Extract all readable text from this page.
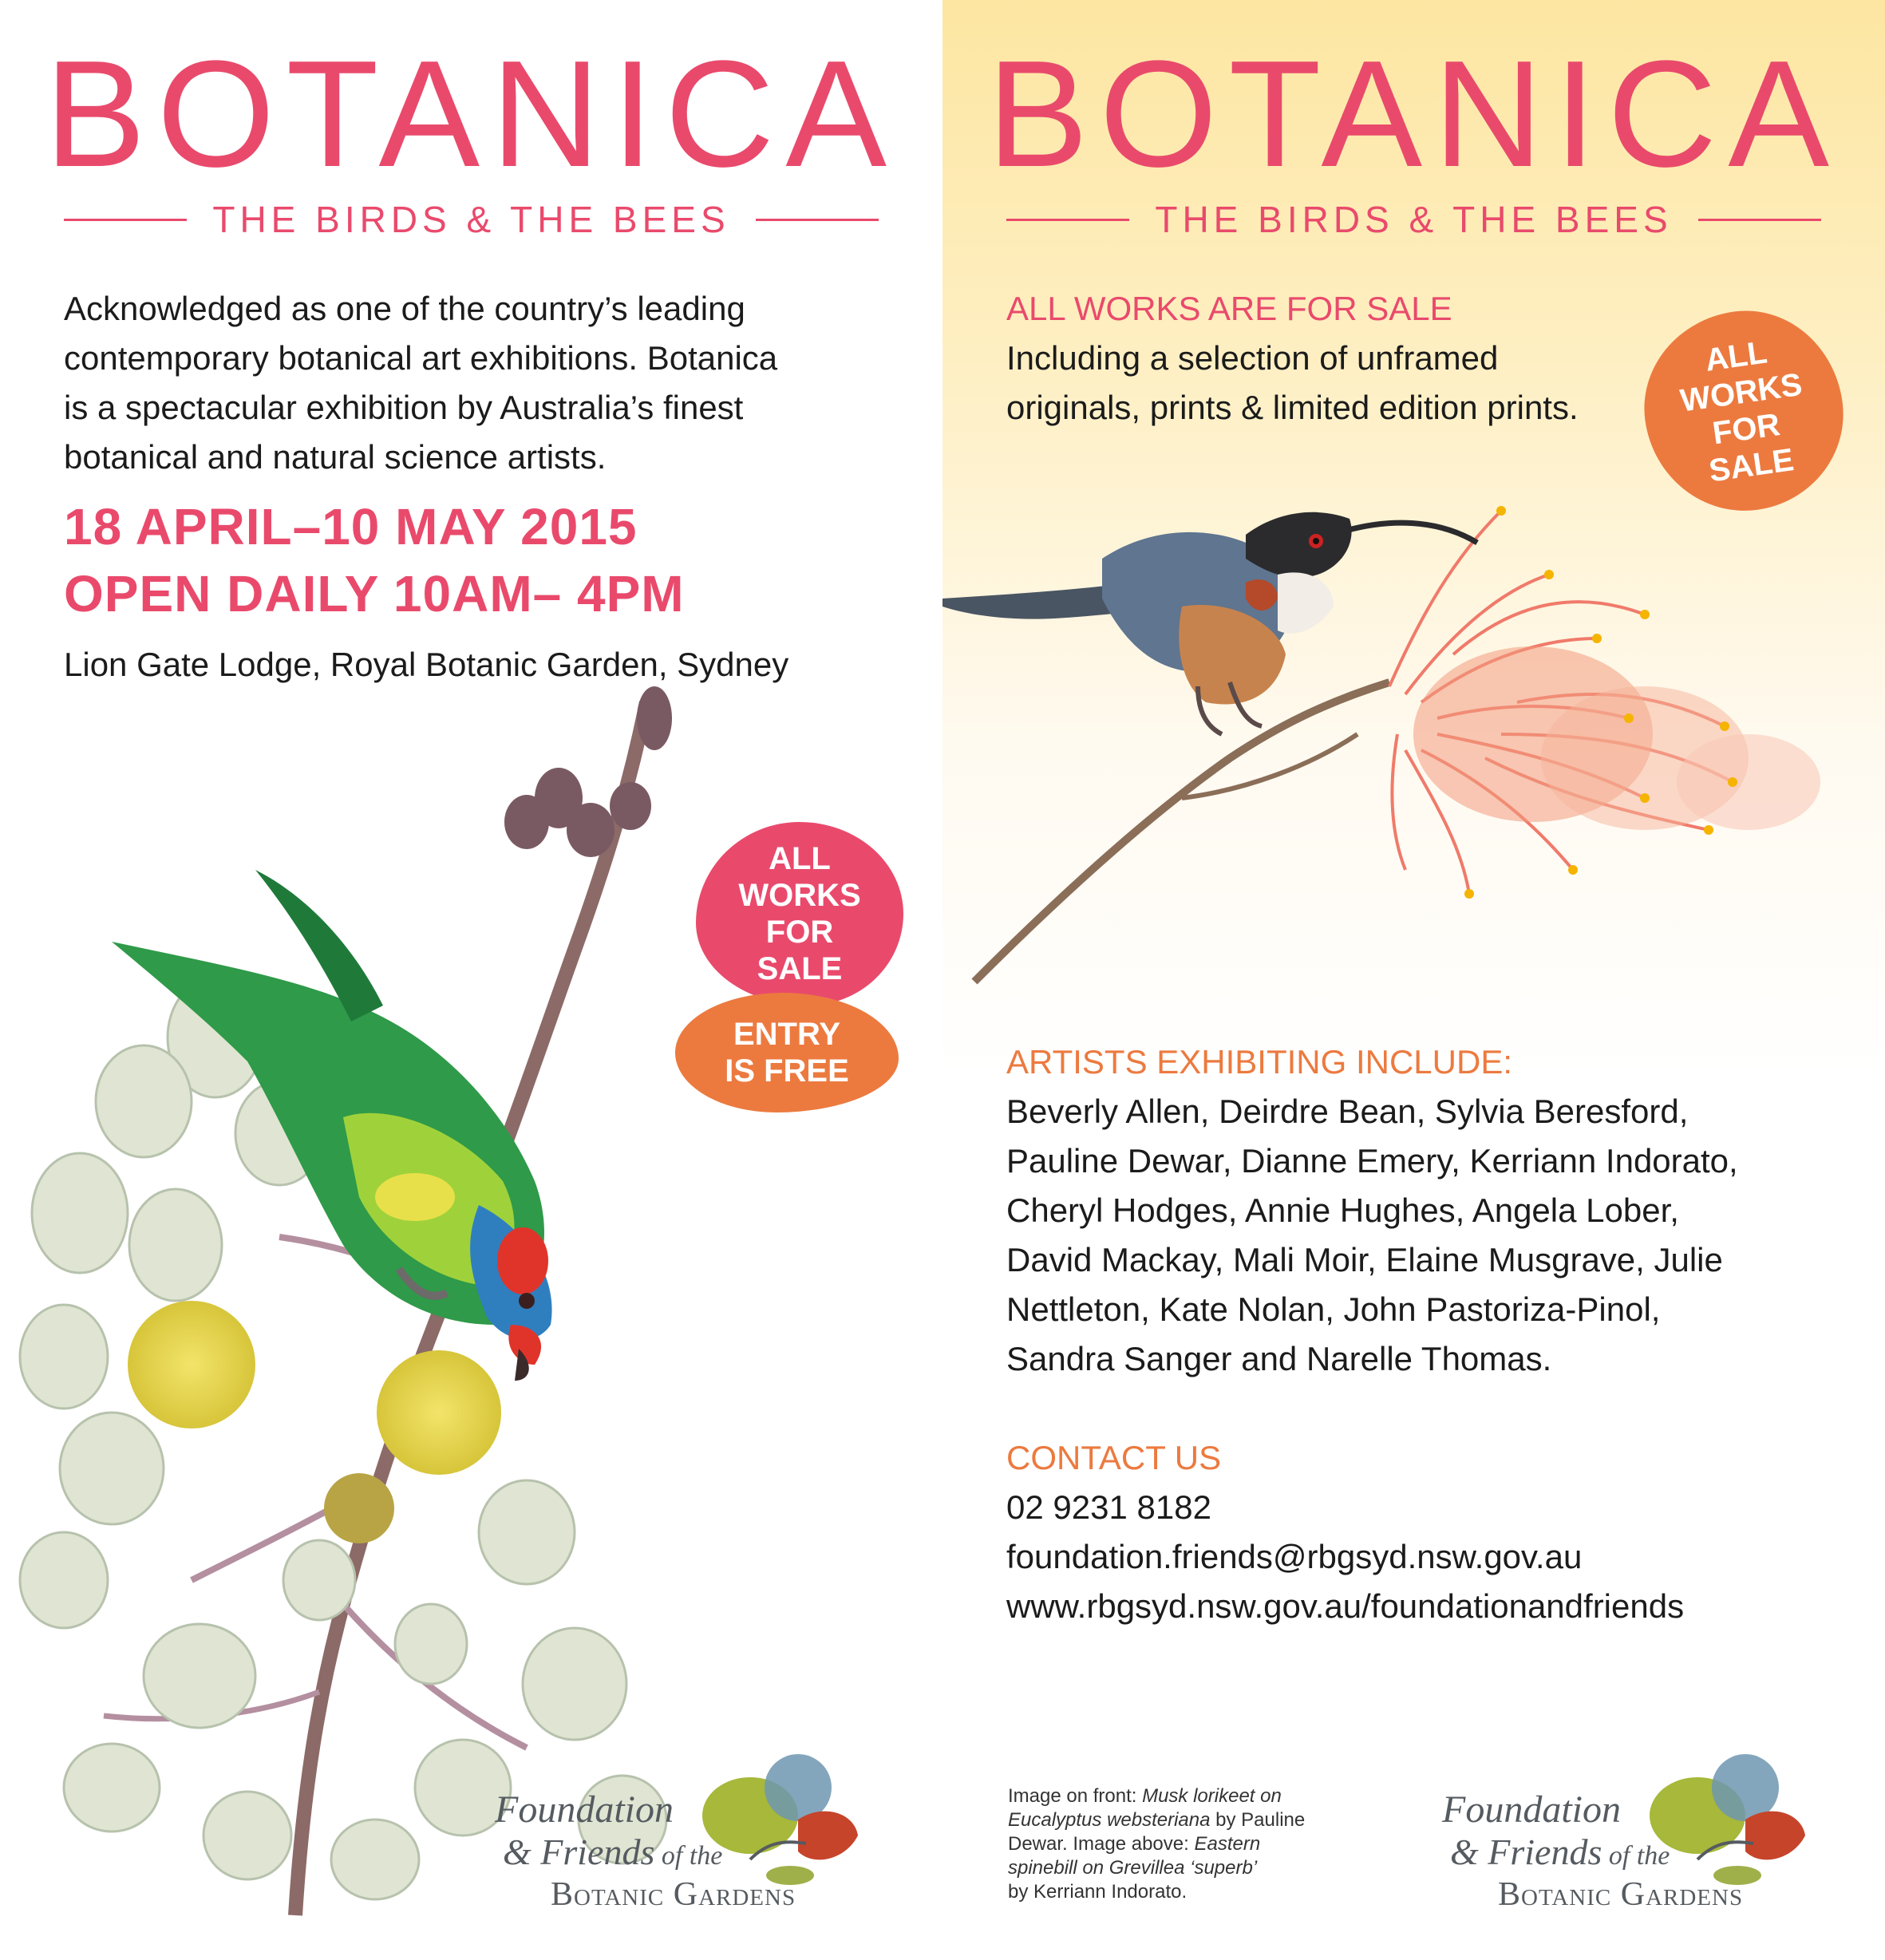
BOTANICA
THE BIRDS & THE BEES
Acknowledged as one of the country’s leading
contemporary botanical art exhibitions. Botanica
is a spectacular exhibition by Australia’s finest
botanical and natural science artists.
18 APRIL–10 MAY 2015
OPEN DAILY 10AM– 4PM
Lion Gate Lodge, Royal Botanic Garden, Sydney
ALL
WORKS
FOR
SALE
ENTRY
IS FREE
Foundation
& Friends of the
Botanic Gardens
BOTANICA
THE BIRDS & THE BEES
ALL WORKS ARE FOR SALE
Including a selection of unframed
originals, prints & limited edition prints.
ALL
WORKS
FOR
SALE
ARTISTS EXHIBITING INCLUDE:
Beverly Allen, Deirdre Bean, Sylvia Beresford,
Pauline Dewar, Dianne Emery, Kerriann Indorato,
Cheryl Hodges, Annie Hughes, Angela Lober,
David Mackay, Mali Moir, Elaine Musgrave, Julie
Nettleton, Kate Nolan, John Pastoriza-Pinol,
Sandra Sanger and Narelle Thomas.
CONTACT US
02 9231 8182
foundation.friends@rbgsyd.nsw.gov.au
www.rbgsyd.nsw.gov.au/foundationandfriends
Image on front: Musk lorikeet on
Eucalyptus websteriana by Pauline
Dewar. Image above: Eastern
spinebill on Grevillea ‘superb’
by Kerriann Indorato.
Foundation
& Friends of the
Botanic Gardens
